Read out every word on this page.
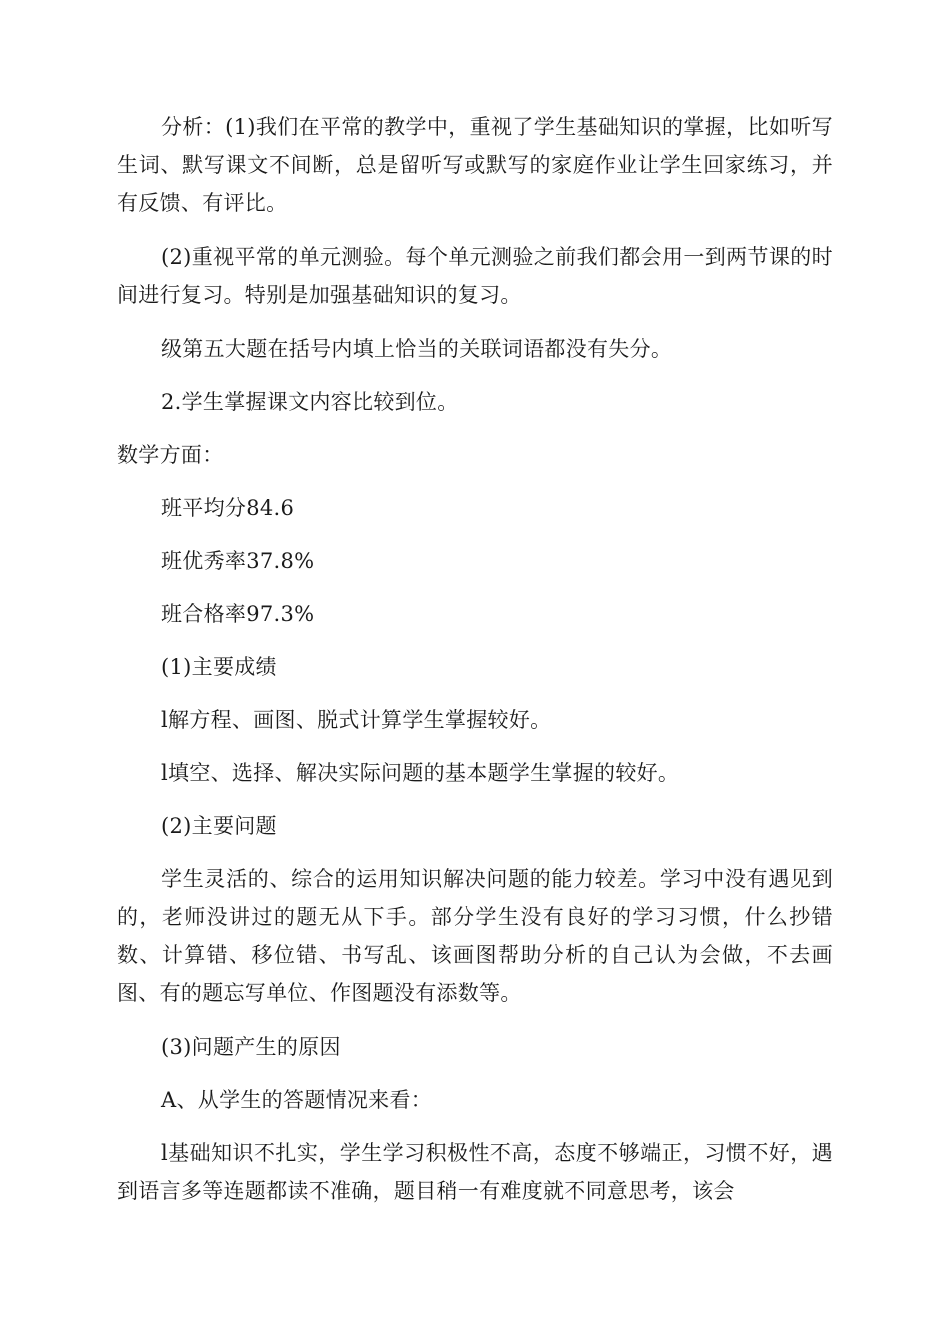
分析：(1)我们在平常的教学中，重视了学生基础知识的掌握，比如听写生词、默写课文不间断，总是留听写或默写的家庭作业让学生回家练习，并有反馈、有评比。

(2)重视平常的单元测验。每个单元测验之前我们都会用一到两节课的时间进行复习。特别是加强基础知识的复习。

级第五大题在括号内填上恰当的关联词语都没有失分。

2.学生掌握课文内容比较到位。

数学方面：

班平均分84.6

班优秀率37.8%

班合格率97.3%

(1)主要成绩

l解方程、画图、脱式计算学生掌握较好。

l填空、选择、解决实际问题的基本题学生掌握的较好。

(2)主要问题

学生灵活的、综合的运用知识解决问题的能力较差。学习中没有遇见到的，老师没讲过的题无从下手。部分学生没有良好的学习习惯，什么抄错数、计算错、移位错、书写乱、该画图帮助分析的自己认为会做，不去画图、有的题忘写单位、作图题没有添数等。

(3)问题产生的原因

A、从学生的答题情况来看：

l基础知识不扎实，学生学习积极性不高，态度不够端正，习惯不好，遇到语言多等连题都读不准确，题目稍一有难度就不同意思考，该会
